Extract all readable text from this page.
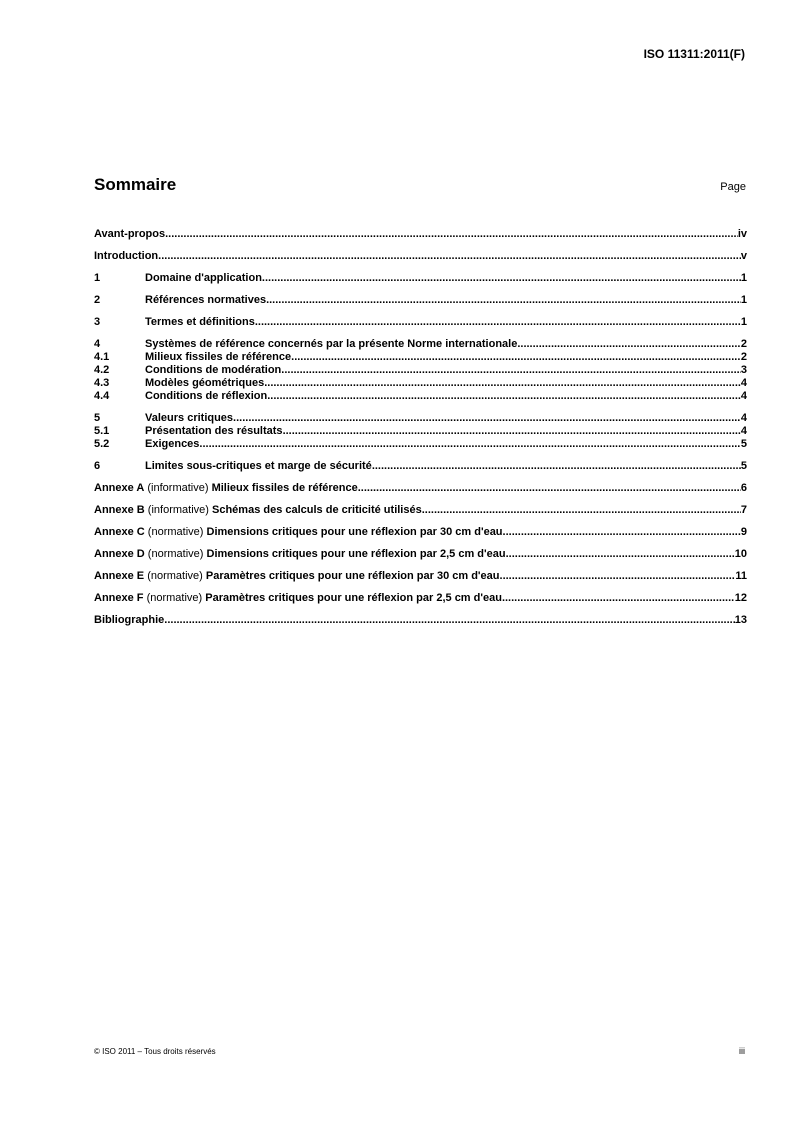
ISO 11311:2011(F)
Sommaire	Page
Avant-propos .....	iv
Introduction .....	v
1	Domaine d'application .....	1
2	Références normatives .....	1
3	Termes et définitions .....	1
4	Systèmes de référence concernés par la présente Norme internationale .....	2
4.1	Milieux fissiles de référence .....	2
4.2	Conditions de modération .....	3
4.3	Modèles géométriques .....	4
4.4	Conditions de réflexion .....	4
5	Valeurs critiques .....	4
5.1	Présentation des résultats .....	4
5.2	Exigences .....	5
6	Limites sous-critiques et marge de sécurité .....	5
Annexe A (informative) Milieux fissiles de référence .....	6
Annexe B (informative) Schémas des calculs de criticité utilisés .....	7
Annexe C (normative) Dimensions critiques pour une réflexion par 30 cm d'eau .....	9
Annexe D (normative) Dimensions critiques pour une réflexion par 2,5 cm d'eau .....	10
Annexe E (normative) Paramètres critiques pour une réflexion par 30 cm d'eau .....	11
Annexe F (normative) Paramètres critiques pour une réflexion par 2,5 cm d'eau .....	12
Bibliographie .....	13
© ISO 2011 – Tous droits réservés	iii
